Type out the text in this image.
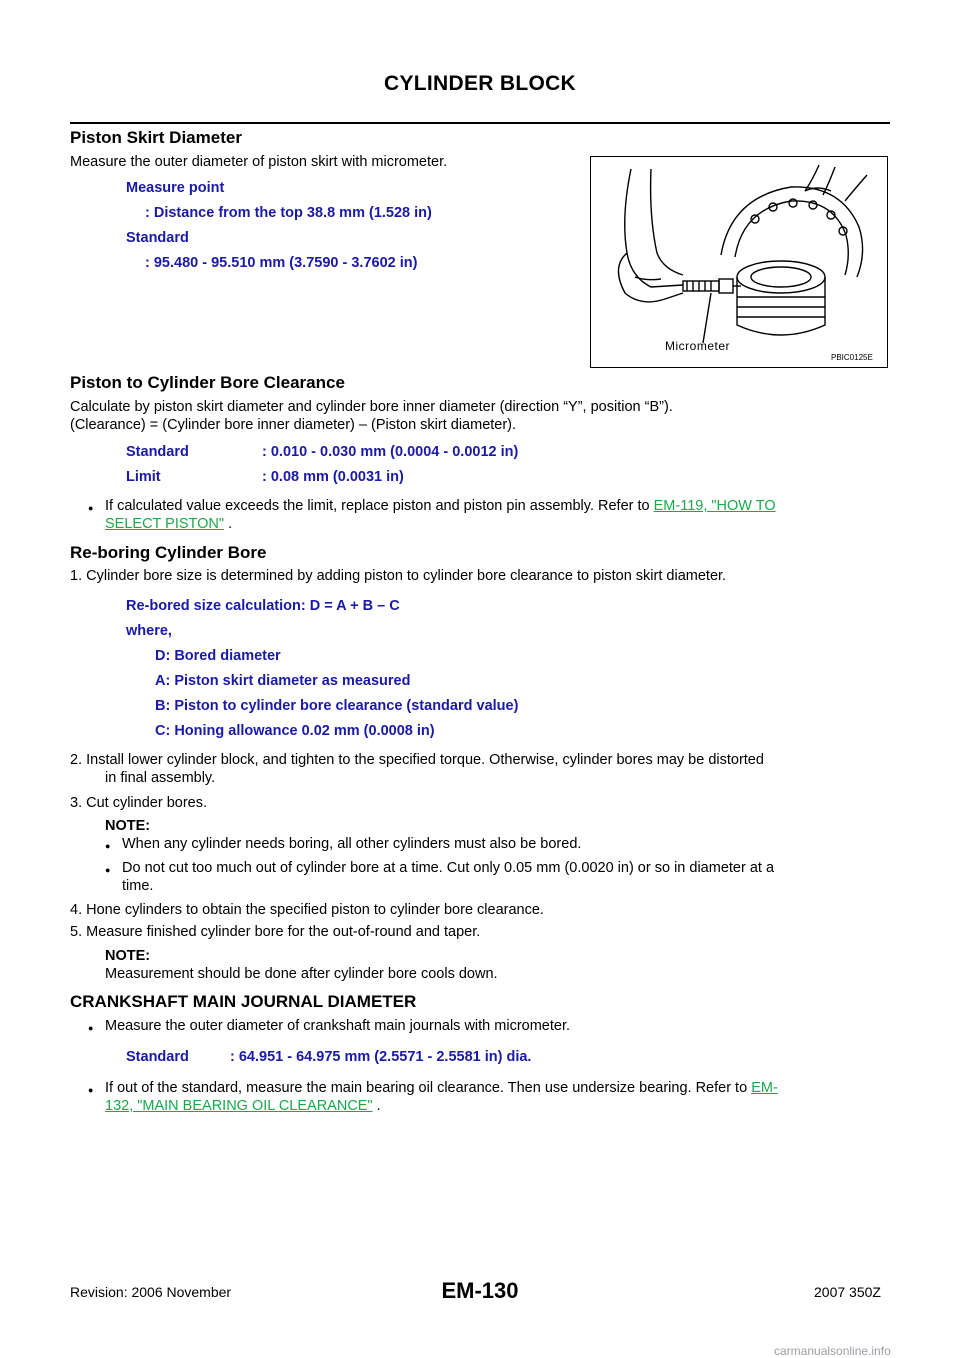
CYLINDER BLOCK
Piston Skirt Diameter
Measure the outer diameter of piston skirt with micrometer.
Measure point
: Distance from the top 38.8 mm (1.528 in)
Standard
: 95.480 - 95.510 mm (3.7590 - 3.7602 in)
Micrometer
PBIC0125E
Piston to Cylinder Bore Clearance
Calculate by piston skirt diameter and cylinder bore inner diameter (direction “Y”, position “B”).
(Clearance) = (Cylinder bore inner diameter) – (Piston skirt diameter).
Standard	: 0.010 - 0.030 mm (0.0004 - 0.0012 in)
Limit	: 0.08 mm (0.0031 in)
● If calculated value exceeds the limit, replace piston and piston pin assembly. Refer to EM-119, "HOW TO
SELECT PISTON" .
Re-boring Cylinder Bore
1. Cylinder bore size is determined by adding piston to cylinder bore clearance to piston skirt diameter.
Re-bored size calculation: D = A + B – C
where,
D: Bored diameter
A: Piston skirt diameter as measured
B: Piston to cylinder bore clearance (standard value)
C: Honing allowance 0.02 mm (0.0008 in)
2. Install lower cylinder block, and tighten to the specified torque. Otherwise, cylinder bores may be distorted
in final assembly.
3. Cut cylinder bores.
NOTE:
● When any cylinder needs boring, all other cylinders must also be bored.
● Do not cut too much out of cylinder bore at a time. Cut only 0.05 mm (0.0020 in) or so in diameter at a
time.
4. Hone cylinders to obtain the specified piston to cylinder bore clearance.
5. Measure finished cylinder bore for the out-of-round and taper.
NOTE:
Measurement should be done after cylinder bore cools down.
CRANKSHAFT MAIN JOURNAL DIAMETER
● Measure the outer diameter of crankshaft main journals with micrometer.
Standard	: 64.951 - 64.975 mm (2.5571 - 2.5581 in) dia.
● If out of the standard, measure the main bearing oil clearance. Then use undersize bearing. Refer to EM-
132, "MAIN BEARING OIL CLEARANCE" .
EM-130
Revision: 2006 November	2007 350Z
carmanualsonline.info
